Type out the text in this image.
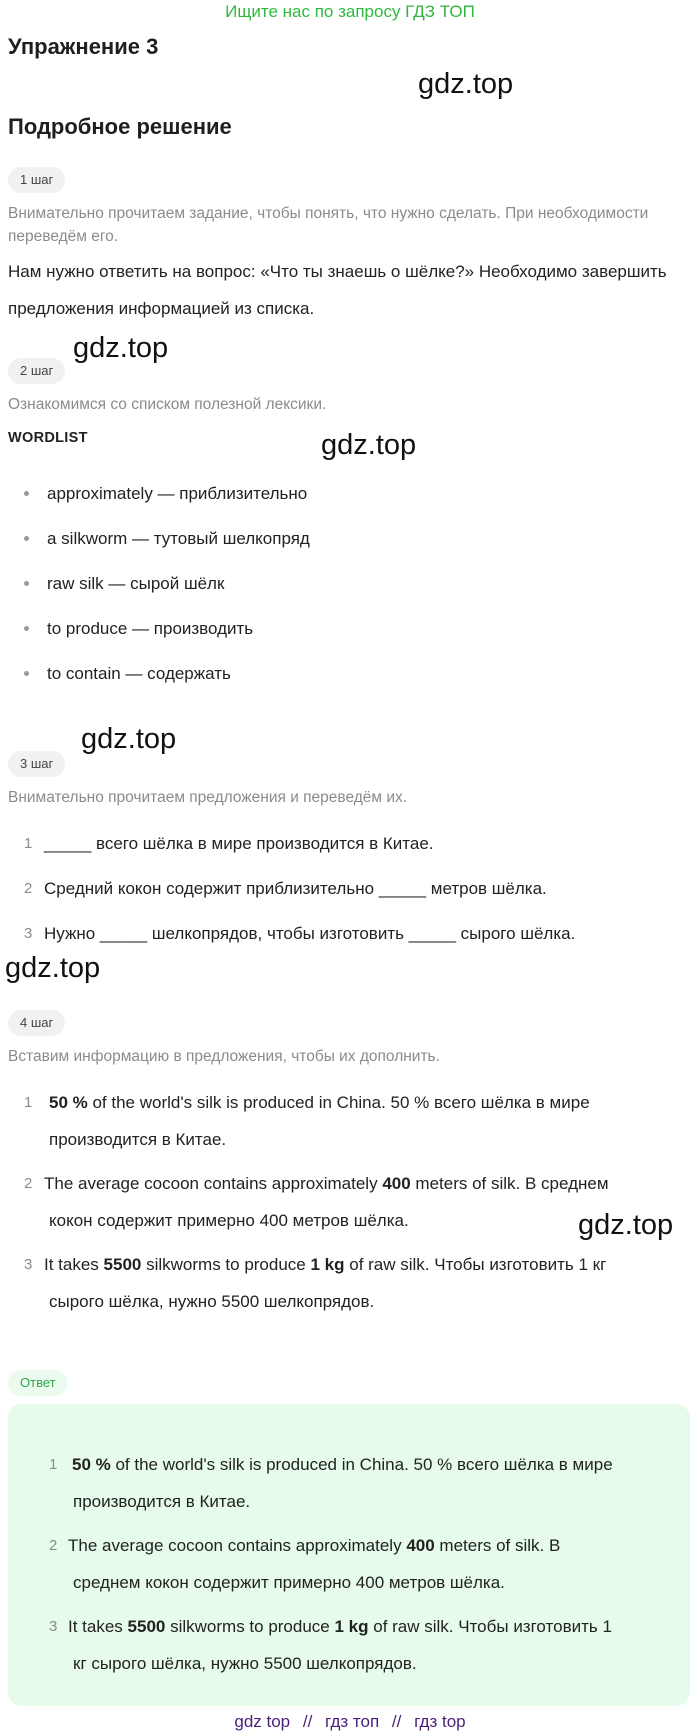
Ищите нас по запросу ГДЗ ТОП
Упражнение 3
Подробное решение
gdz.top
gdz.top
gdz.top
gdz.top
gdz.top
gdz.top
1 шаг
Внимательно прочитаем задание, чтобы понять, что нужно сделать. При необходимости переведём его.
Нам нужно ответить на вопрос: «Что ты знаешь о шёлке?» Необходимо завершить предложения информацией из списка.
2 шаг
Ознакомимся со списком полезной лексики.
WORDLIST
approximately — приблизительно
a silkworm — тутовый шелкопряд
raw silk — сырой шёлк
to produce — производить
to contain — содержать
3 шаг
Внимательно прочитаем предложения и переведём их.
1 _____ всего шёлка в мире производится в Китае.
2 Средний кокон содержит приблизительно _____ метров шёлка.
3 Нужно _____ шелкопрядов, чтобы изготовить _____ сырого шёлка.
4 шаг
Вставим информацию в предложения, чтобы их дополнить.
1 50 % of the world's silk is produced in China. 50 % всего шёлка в мире
производится в Китае.
2 The average cocoon contains approximately 400 meters of silk. В среднем
кокон содержит примерно 400 метров шёлка.
3 It takes 5500 silkworms to produce 1 kg of raw silk. Чтобы изготовить 1 кг
сырого шёлка, нужно 5500 шелкопрядов.
Ответ
1 50 % of the world's silk is produced in China. 50 % всего шёлка в мире
производится в Китае.
2 The average cocoon contains approximately 400 meters of silk. В
среднем кокон содержит примерно 400 метров шёлка.
3 It takes 5500 silkworms to produce 1 kg of raw silk. Чтобы изготовить 1
кг сырого шёлка, нужно 5500 шелкопрядов.
gdz top // гдз топ // гдз top
